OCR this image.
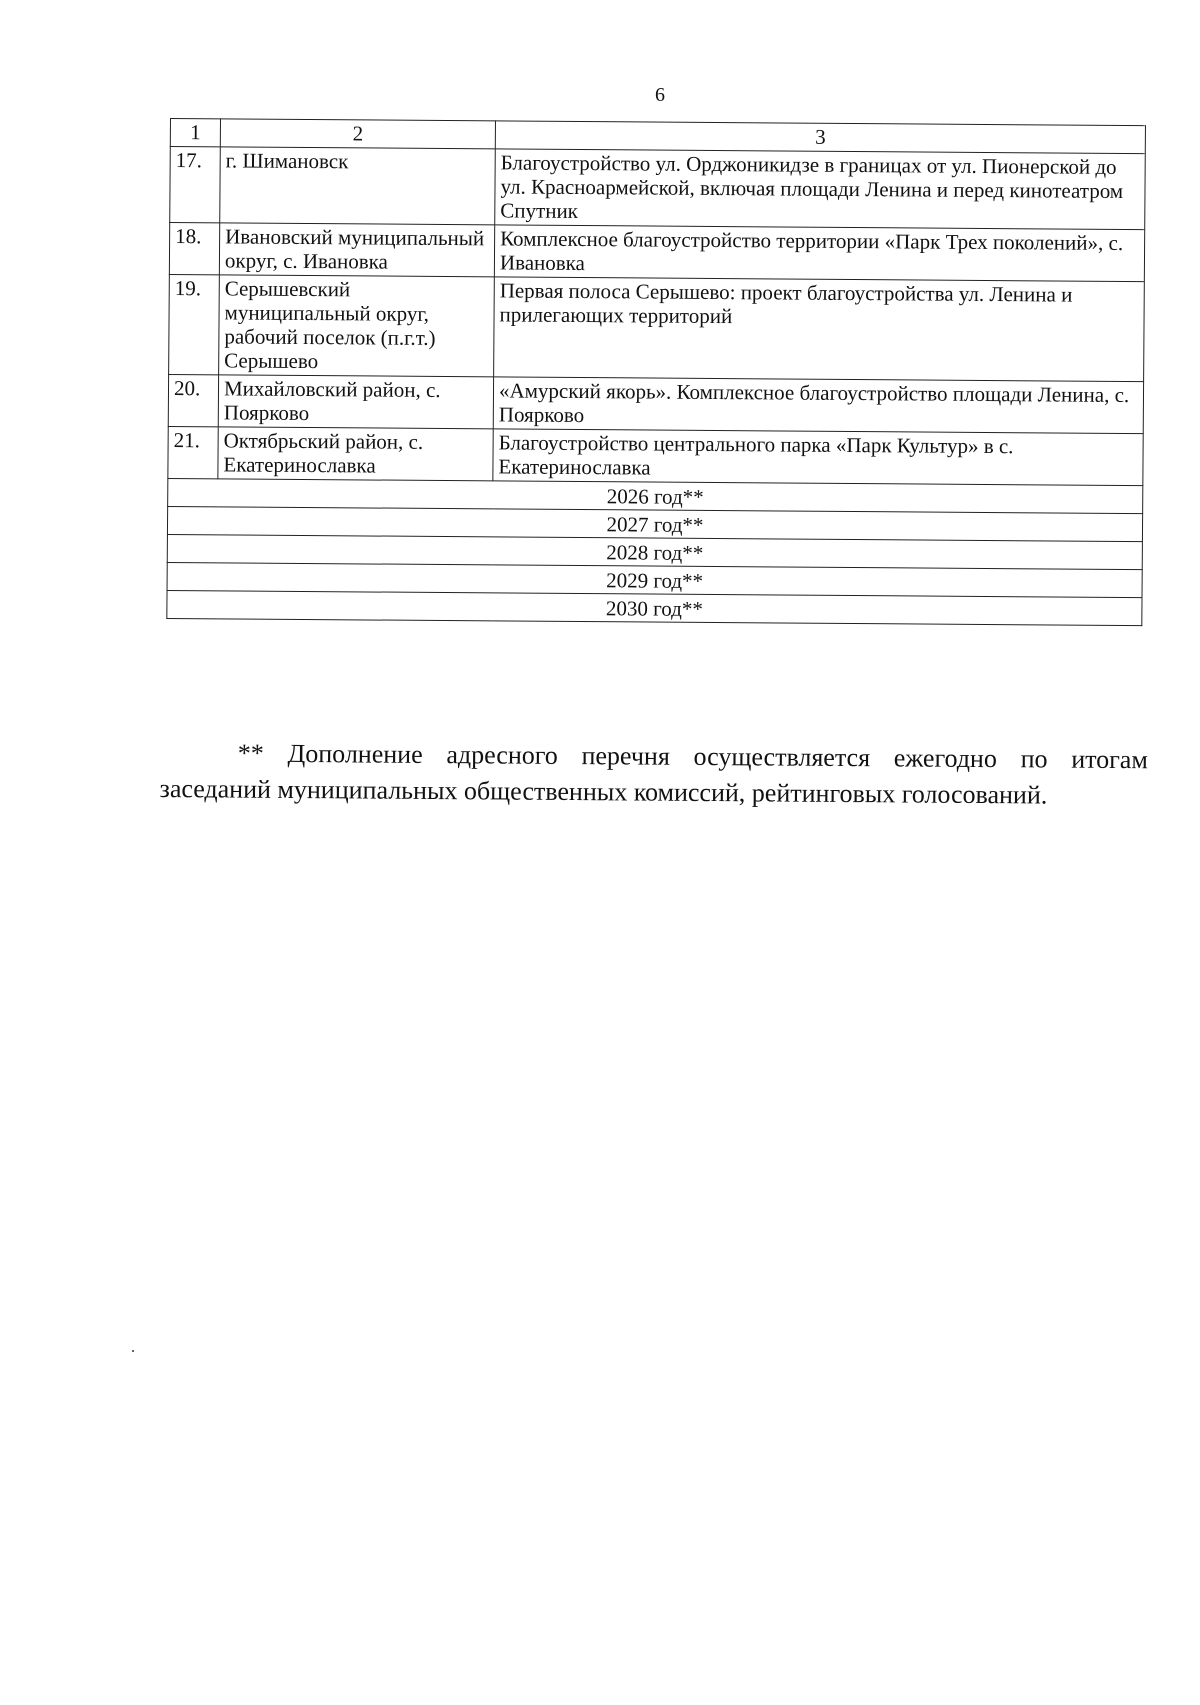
6
1	2	3
17.	г. Шимановск	Благоустройство ул. Орджоникидзе в границах от ул. Пионерской до ул. Красноармейской, включая площади Ленина и перед кинотеатром Спутник
18.	Ивановский муниципальный округ, с. Ивановка	Комплексное благоустройство территории «Парк Трех поколений», с. Ивановка
19.	Серышевский муниципальный округ, рабочий поселок (п.г.т.) Серышево	Первая полоса Серышево: проект благоустройства ул. Ленина и прилегающих территорий
20.	Михайловский район, с. Поярково	«Амурский якорь». Комплексное благоустройство площади Ленина, с. Поярково
21.	Октябрьский район, с. Екатеринославка	Благоустройство центрального парка «Парк Культур» в с. Екатеринославка
2026 год**		
2027 год**		
2028 год**		
2029 год**		
2030 год**		
** Дополнение адресного перечня осуществляется ежегодно по итогам
заседаний муниципальных общественных комиссий, рейтинговых голосований.
